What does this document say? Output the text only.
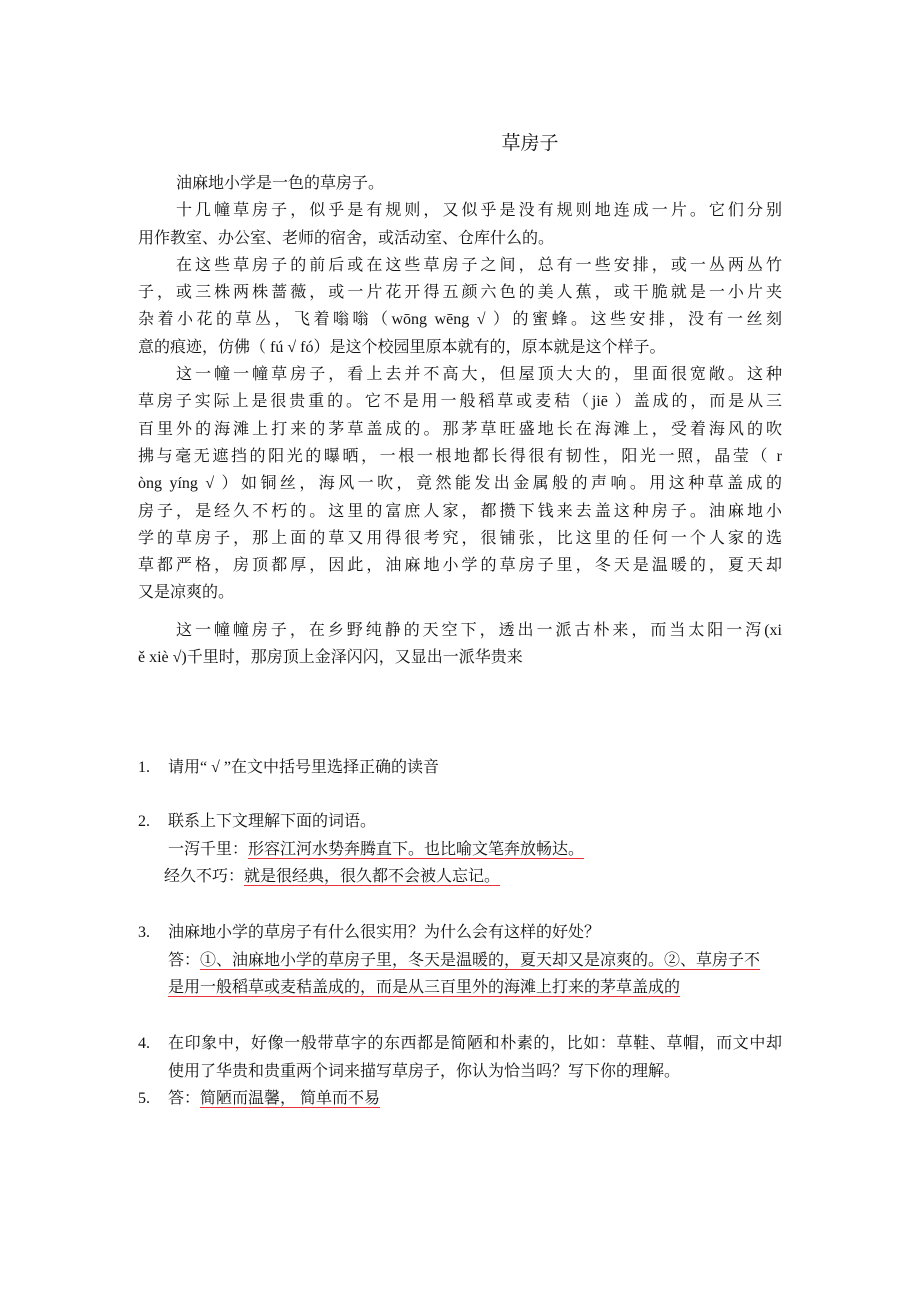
草房子
油麻地小学是一色的草房子。
十几幢草房子，似乎是有规则，又似乎是没有规则地连成一片。它们分别
用作教室、办公室、老师的宿舍，或活动室、仓库什么的。
在这些草房子的前后或在这些草房子之间，总有一些安排，或一丛两丛竹
子，或三株两株蔷薇，或一片花开得五颜六色的美人蕉，或干脆就是一小片夹
杂着小花的草丛，飞着嗡嗡（wōng wēng √ ）的蜜蜂。这些安排，没有一丝刻
意的痕迹，仿佛（ fú √ fó）是这个校园里原本就有的，原本就是这个样子。
这一幢一幢草房子，看上去并不高大，但屋顶大大的，里面很宽敞。这种
草房子实际上是很贵重的。它不是用一般稻草或麦秸（jiē ）盖成的，而是从三
百里外的海滩上打来的茅草盖成的。那茅草旺盛地长在海滩上，受着海风的吹
拂与毫无遮挡的阳光的曝晒，一根一根地都长得很有韧性，阳光一照，晶莹（ r
òng yíng √ ）如铜丝，海风一吹，竟然能发出金属般的声响。用这种草盖成的
房子，是经久不朽的。这里的富庶人家，都攒下钱来去盖这种房子。油麻地小
学的草房子，那上面的草又用得很考究，很铺张，比这里的任何一个人家的选
草都严格，房顶都厚，因此，油麻地小学的草房子里，冬天是温暖的，夏天却
又是凉爽的。
这一幢幢房子，在乡野纯静的天空下，透出一派古朴来，而当太阳一泻(xi
ě xiè √)千里时，那房顶上金泽闪闪，又显出一派华贵来
1.	请用“ √ ”在文中括号里选择正确的读音
2.	联系上下文理解下面的词语。
一泻千里：形容江河水势奔腾直下。也比喻文笔奔放畅达。
经久不巧：就是很经典，很久都不会被人忘记。
3.	油麻地小学的草房子有什么很实用？为什么会有这样的好处？
答：①、油麻地小学的草房子里，冬天是温暖的，夏天却又是凉爽的。②、草房子不
是用一般稻草或麦秸盖成的，而是从三百里外的海滩上打来的茅草盖成的
4.	在印象中，好像一般带草字的东西都是简陋和朴素的，比如：草鞋、草帽，而文中却
使用了华贵和贵重两个词来描写草房子，你认为恰当吗？写下你的理解。
5.	答：简陋而温馨， 简单而不易
